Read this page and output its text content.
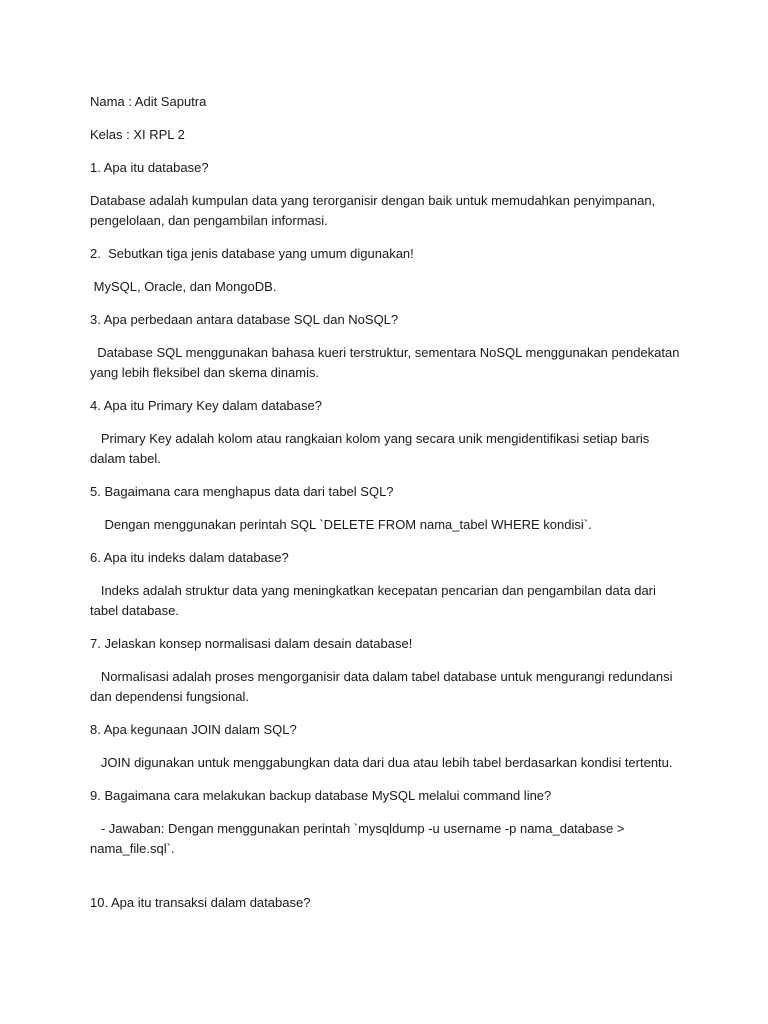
Nama : Adit Saputra

Kelas : XI RPL 2

1. Apa itu database?

Database adalah kumpulan data yang terorganisir dengan baik untuk memudahkan penyimpanan, pengelolaan, dan pengambilan informasi.

2.  Sebutkan tiga jenis database yang umum digunakan!

MySQL, Oracle, dan MongoDB.

3. Apa perbedaan antara database SQL dan NoSQL?

Database SQL menggunakan bahasa kueri terstruktur, sementara NoSQL menggunakan pendekatan yang lebih fleksibel dan skema dinamis.

4. Apa itu Primary Key dalam database?

Primary Key adalah kolom atau rangkaian kolom yang secara unik mengidentifikasi setiap baris dalam tabel.

5. Bagaimana cara menghapus data dari tabel SQL?

Dengan menggunakan perintah SQL `DELETE FROM nama_tabel WHERE kondisi`.

6. Apa itu indeks dalam database?

Indeks adalah struktur data yang meningkatkan kecepatan pencarian dan pengambilan data dari tabel database.

7. Jelaskan konsep normalisasi dalam desain database!

Normalisasi adalah proses mengorganisir data dalam tabel database untuk mengurangi redundansi dan dependensi fungsional.

8. Apa kegunaan JOIN dalam SQL?

JOIN digunakan untuk menggabungkan data dari dua atau lebih tabel berdasarkan kondisi tertentu.

9. Bagaimana cara melakukan backup database MySQL melalui command line?

- Jawaban: Dengan menggunakan perintah `mysqldump -u username -p nama_database > nama_file.sql`.

10. Apa itu transaksi dalam database?
